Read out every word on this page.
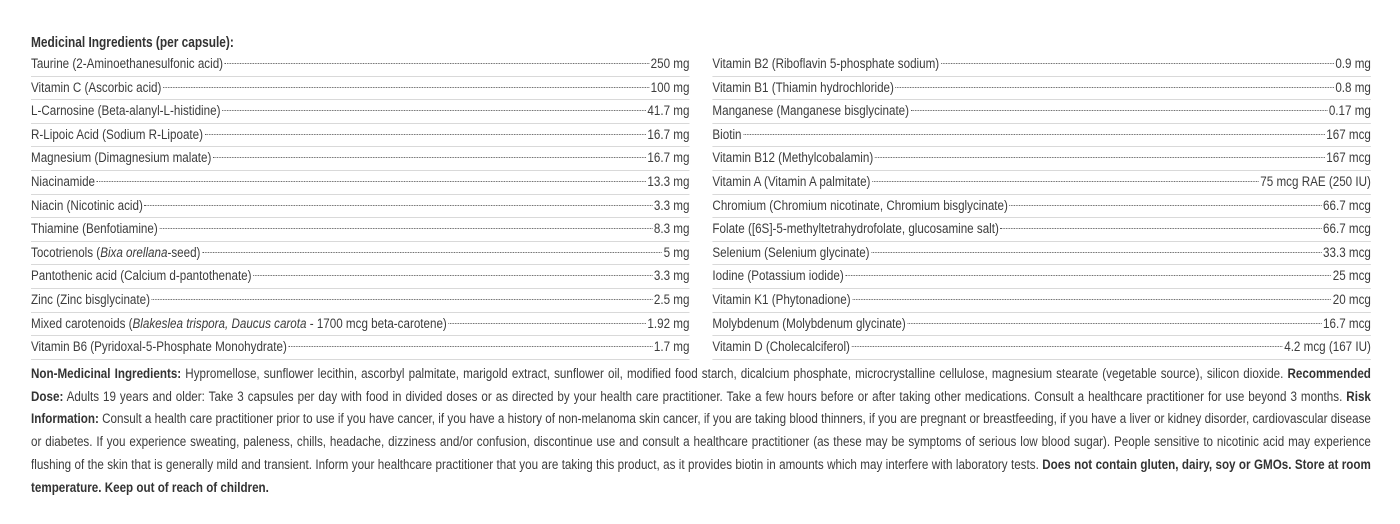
Medicinal Ingredients (per capsule):
Taurine (2-Aminoethanesulfonic acid)	250 mg
Vitamin C (Ascorbic acid)	100 mg
L-Carnosine (Beta-alanyl-L-histidine)	41.7 mg
R-Lipoic Acid (Sodium R-Lipoate)	16.7 mg
Magnesium (Dimagnesium malate)	16.7 mg
Niacinamide	13.3 mg
Niacin (Nicotinic acid)	3.3 mg
Thiamine (Benfotiamine)	8.3 mg
Tocotrienols (Bixa orellana-seed)	5 mg
Pantothenic acid (Calcium d-pantothenate)	3.3 mg
Zinc (Zinc bisglycinate)	2.5 mg
Mixed carotenoids (Blakeslea trispora, Daucus carota - 1700 mcg beta-carotene)	1.92 mg
Vitamin B6 (Pyridoxal-5-Phosphate Monohydrate)	1.7 mg
Vitamin B2 (Riboflavin 5-phosphate sodium)	0.9 mg
Vitamin B1 (Thiamin hydrochloride)	0.8 mg
Manganese (Manganese bisglycinate)	0.17 mg
Biotin	167 mcg
Vitamin B12 (Methylcobalamin)	167 mcg
Vitamin A (Vitamin A palmitate)	75 mcg RAE (250 IU)
Chromium (Chromium nicotinate, Chromium bisglycinate)	66.7 mcg
Folate ([6S]-5-methyltetrahydrofolate, glucosamine salt)	66.7 mcg
Selenium (Selenium glycinate)	33.3 mcg
Iodine (Potassium iodide)	25 mcg
Vitamin K1 (Phytonadione)	20 mcg
Molybdenum (Molybdenum glycinate)	16.7 mcg
Vitamin D (Cholecalciferol)	4.2 mcg (167 IU)

Non-Medicinal Ingredients: Hypromellose, sunflower lecithin, ascorbyl palmitate, marigold extract, sunflower oil, modified food starch, dicalcium phosphate, microcrystalline cellulose, magnesium stearate (vegetable source), silicon dioxide. Recommended Dose: Adults 19 years and older: Take 3 capsules per day with food in divided doses or as directed by your health care practitioner. Take a few hours before or after taking other medications. Consult a healthcare practitioner for use beyond 3 months. Risk Information: Consult a health care practitioner prior to use if you have cancer, if you have a history of non-melanoma skin cancer, if you are taking blood thinners, if you are pregnant or breastfeeding, if you have a liver or kidney disorder, cardiovascular disease or diabetes. If you experience sweating, paleness, chills, headache, dizziness and/or confusion, discontinue use and consult a healthcare practitioner (as these may be symptoms of serious low blood sugar). People sensitive to nicotinic acid may experience flushing of the skin that is generally mild and transient. Inform your healthcare practitioner that you are taking this product, as it provides biotin in amounts which may interfere with laboratory tests. Does not contain gluten, dairy, soy or GMOs. Store at room temperature. Keep out of reach of children.
